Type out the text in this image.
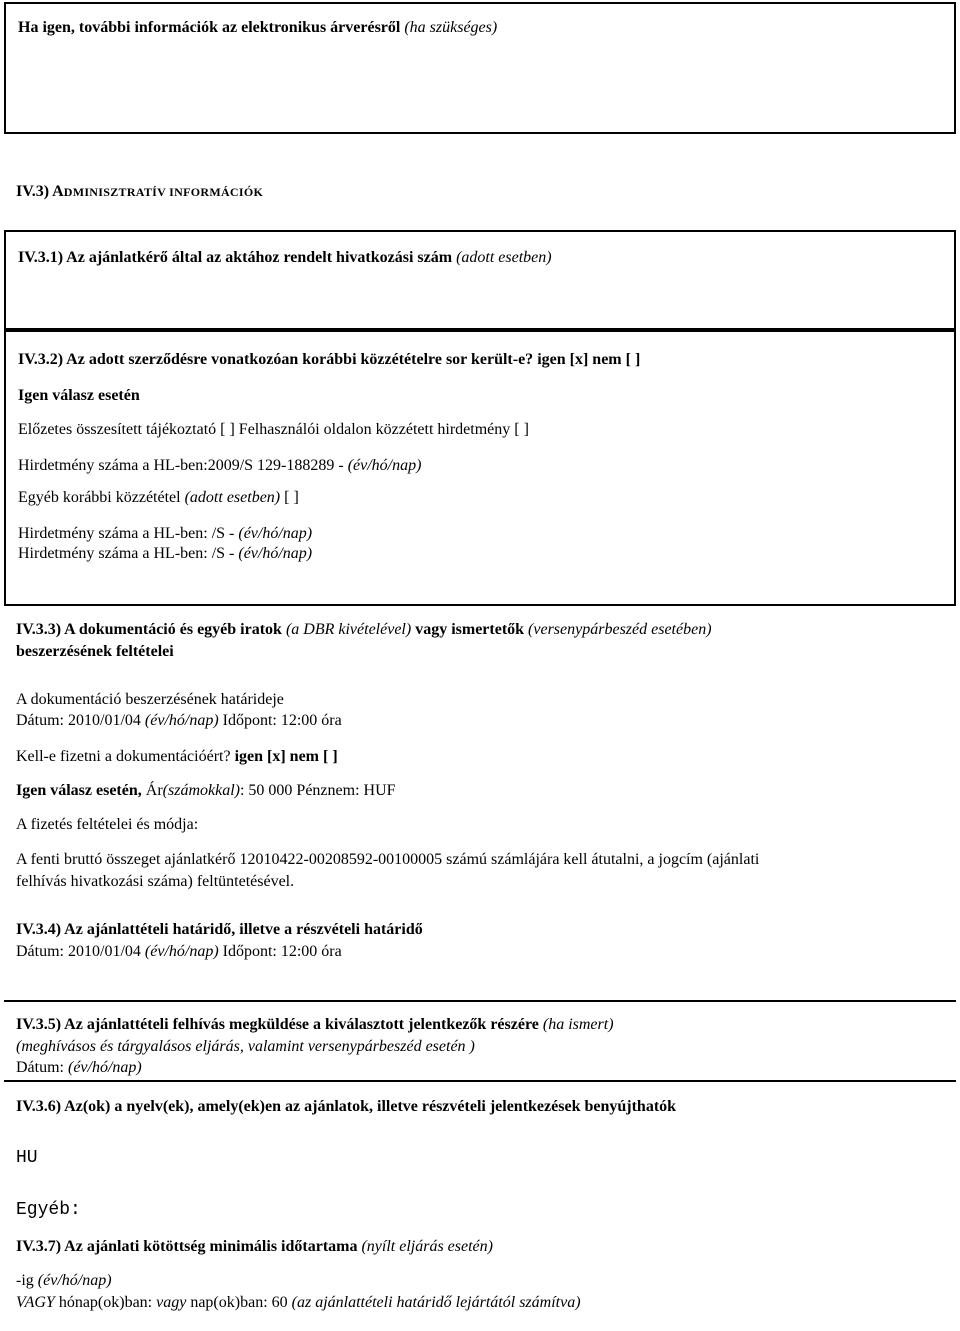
Ha igen, további információk az elektronikus árverésről (ha szükséges)
IV.3) ADMINISZTRATÍV INFORMÁCIÓK
IV.3.1) Az ajánlatkérő által az aktához rendelt hivatkozási szám (adott esetben)
IV.3.2) Az adott szerződésre vonatkozóan korábbi közzétételre sor került-e? igen [x] nem [ ]
Igen válasz esetén
Előzetes összesített tájékoztató [ ] Felhasználói oldalon közzétett hirdetmény [ ]
Hirdetmény száma a HL-ben:2009/S 129-188289 - (év/hó/nap)
Egyéb korábbi közzététel (adott esetben) [ ]
Hirdetmény száma a HL-ben: /S - (év/hó/nap)
Hirdetmény száma a HL-ben: /S - (év/hó/nap)
IV.3.3) A dokumentáció és egyéb iratok (a DBR kivételével) vagy ismertetők (versenypárbeszéd esetében)
beszerzésének feltételei
A dokumentáció beszerzésének határideje
Dátum: 2010/01/04 (év/hó/nap) Időpont: 12:00 óra
Kell-e fizetni a dokumentációért? igen [x] nem [ ]
Igen válasz esetén, Ár(számokkal): 50 000 Pénznem: HUF
A fizetés feltételei és módja:
A fenti bruttó összeget ajánlatkérő 12010422-00208592-00100005 számú számlájára kell átutalni, a jogcím (ajánlati
felhívás hivatkozási száma) feltüntetésével.
IV.3.4) Az ajánlattételi határidő, illetve a részvételi határidő
Dátum: 2010/01/04 (év/hó/nap) Időpont: 12:00 óra
IV.3.5) Az ajánlattételi felhívás megküldése a kiválasztott jelentkezők részére (ha ismert)
(meghívásos és tárgyalásos eljárás, valamint versenypárbeszéd esetén )
Dátum: (év/hó/nap)
IV.3.6) Az(ok) a nyelv(ek), amely(ek)en az ajánlatok, illetve részvételi jelentkezések benyújthatók
HU
Egyéb:
IV.3.7) Az ajánlati kötöttség minimális időtartama (nyílt eljárás esetén)
-ig (év/hó/nap)
VAGY hónap(ok)ban: vagy nap(ok)ban: 60 (az ajánlattételi határidő lejártától számítva)
